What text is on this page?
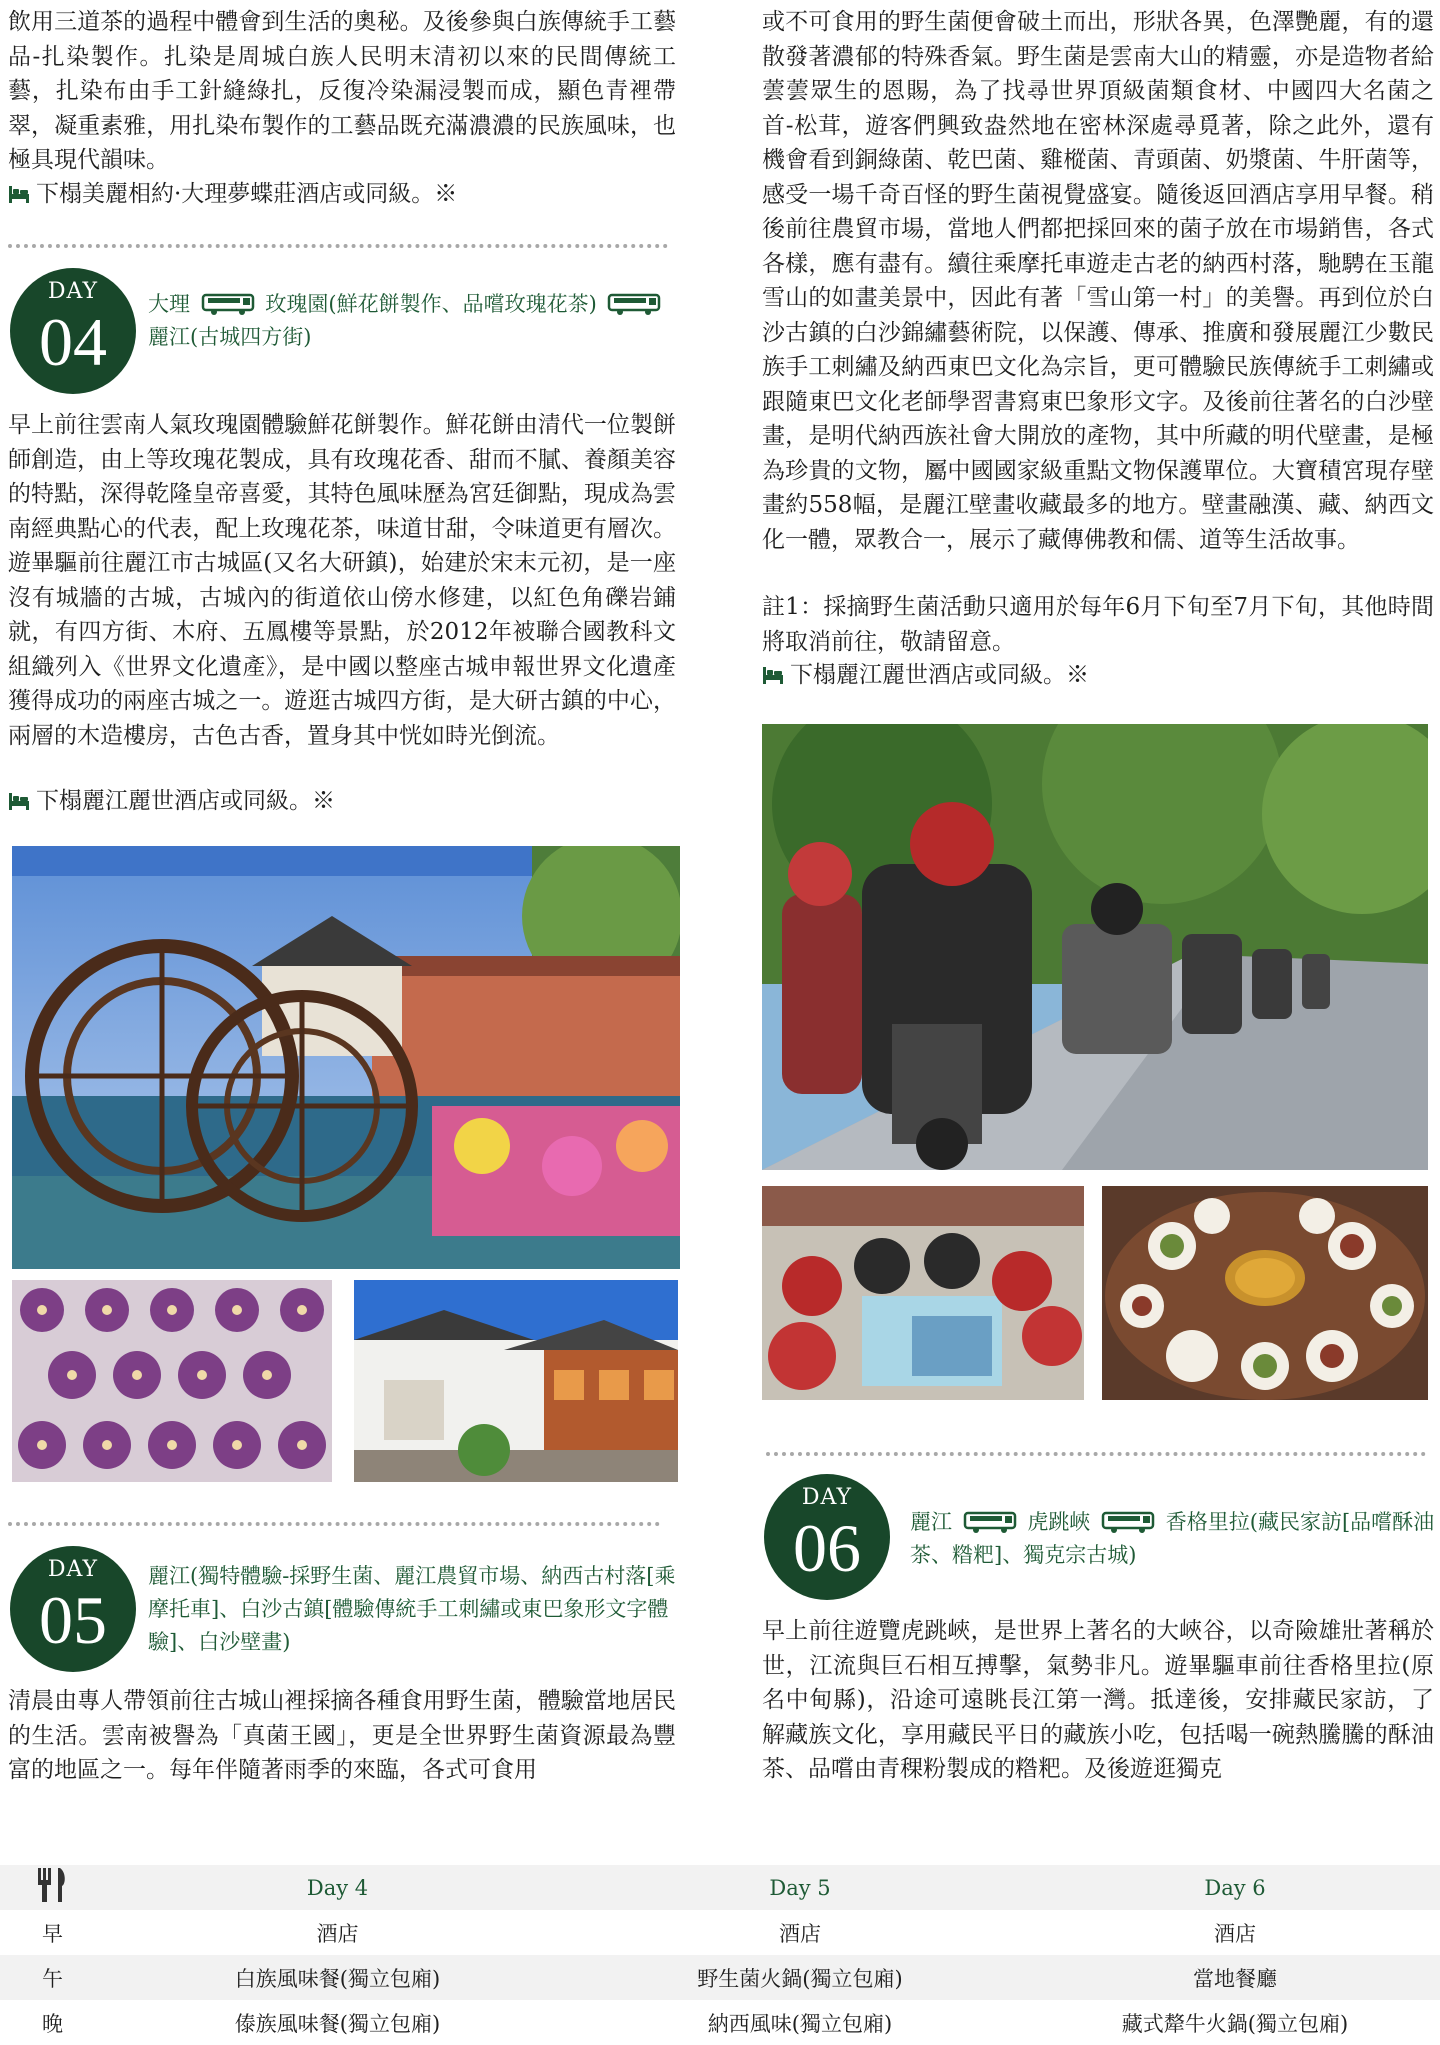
飲用三道茶的過程中體會到生活的奧秘。及後參與白族傳統手工藝品-扎染製作。扎染是周城白族人民明末清初以來的民間傳統工藝，扎染布由手工針縫綠扎，反復冷染漏浸製而成，顯色青裡帶翠，凝重素雅，用扎染布製作的工藝品既充滿濃濃的民族風味，也極具現代韻味。

下榻美麗相約·大理夢蝶莊酒店或同級。※
DAY
04	大理	玫瑰園(鮮花餅製作、品嚐玫瑰花茶)
麗江(古城四方街)

早上前往雲南人氣玫瑰園體驗鮮花餅製作。鮮花餅由清代一位製餅師創造，由上等玫瑰花製成，具有玫瑰花香、甜而不膩、養顏美容的特點，深得乾隆皇帝喜愛，其特色風味歷為宮廷御點，現成為雲南經典點心的代表，配上玫瑰花茶，味道甘甜，令味道更有層次。遊畢驅前往麗江市古城區(又名大研鎮)，始建於宋末元初，是一座沒有城牆的古城，古城內的街道依山傍水修建，以紅色角礫岩鋪就，有四方街、木府、五鳳樓等景點，於2012年被聯合國教科文組織列入《世界文化遺產》，是中國以整座古城申報世界文化遺產獲得成功的兩座古城之一。遊逛古城四方街，是大研古鎮的中心，兩層的木造樓房，古色古香，置身其中恍如時光倒流。

下榻麗江麗世酒店或同級。※
DAY
05
麗江(獨特體驗-採野生菌、麗江農貿市場、納西古村落[乘摩托車]、白沙古鎮[體驗傳統手工刺繡或東巴象形文字體驗]、白沙壁畫)

清晨由專人帶領前往古城山裡採摘各種食用野生菌，體驗當地居民的生活。雲南被譽為「真菌王國」，更是全世界野生菌資源最為豐富的地區之一。每年伴隨著雨季的來臨，各式可食用

或不可食用的野生菌便會破土而出，形狀各異，色澤艷麗，有的還散發著濃郁的特殊香氣。野生菌是雲南大山的精靈，亦是造物者給蕓蕓眾生的恩賜，為了找尋世界頂級菌類食材、中國四大名菌之首-松茸，遊客們興致盎然地在密林深處尋覓著，除之此外，還有機會看到銅綠菌、乾巴菌、雞樅菌、青頭菌、奶漿菌、牛肝菌等，感受一場千奇百怪的野生菌視覺盛宴。隨後返回酒店享用早餐。稍後前往農貿市場，當地人們都把採回來的菌子放在市場銷售，各式各樣，應有盡有。續往乘摩托車遊走古老的納西村落，馳騁在玉龍雪山的如畫美景中，因此有著「雪山第一村」的美譽。再到位於白沙古鎮的白沙錦繡藝術院，以保護、傳承、推廣和發展麗江少數民族手工刺繡及納西東巴文化為宗旨，更可體驗民族傳統手工刺繡或跟隨東巴文化老師學習書寫東巴象形文字。及後前往著名的白沙壁畫，是明代納西族社會大開放的產物，其中所藏的明代壁畫，是極為珍貴的文物，屬中國國家級重點文物保護單位。大寶積宮現存壁畫約558幅，是麗江壁畫收藏最多的地方。壁畫融漢、藏、納西文化一體，眾教合一，展示了藏傳佛教和儒、道等生活故事。

註1：採摘野生菌活動只適用於每年6月下旬至7月下旬，其他時間將取消前往，敬請留意。

下榻麗江麗世酒店或同級。※
DAY
06	麗江	虎跳峽	香格里拉(藏民家訪[品嚐酥油
茶、糌粑]、獨克宗古城)

早上前往遊覽虎跳峽，是世界上著名的大峽谷，以奇險雄壯著稱於世，江流與巨石相互搏擊，氣勢非凡。遊畢驅車前往香格里拉(原名中甸縣)，沿途可遠眺長江第一灣。抵達後，安排藏民家訪，了解藏族文化，享用藏民平日的藏族小吃，包括喝一碗熱騰騰的酥油茶、品嚐由青稞粉製成的糌粑。及後遊逛獨克

	Day 4	Day 5	Day 6
早	酒店	酒店	酒店
午	白族風味餐(獨立包廂)	野生菌火鍋(獨立包廂)	當地餐廳
晚	傣族風味餐(獨立包廂)	納西風味(獨立包廂)	藏式犛牛火鍋(獨立包廂)
